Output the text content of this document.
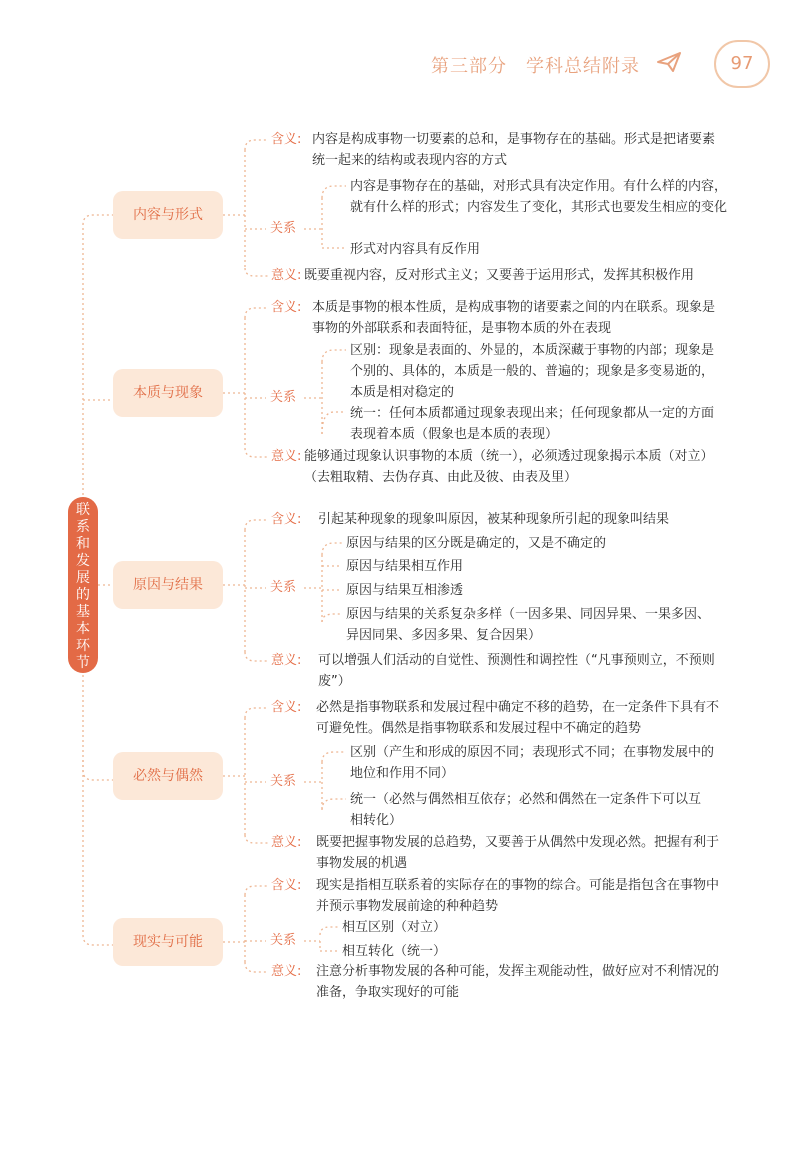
第三部分　学科总结附录	97
联系和发展的基本环节
内容与形式
含义: 内容是构成事物一切要素的总和，是事物存在的基础。形式是把诸要素统一起来的结构或表现内容的方式
关系
内容是事物存在的基础，对形式具有决定作用。有什么样的内容，就有什么样的形式；内容发生了变化，其形式也要发生相应的变化
形式对内容具有反作用
意义: 既要重视内容，反对形式主义；又要善于运用形式，发挥其积极作用
本质与现象
含义: 本质是事物的根本性质，是构成事物的诸要素之间的内在联系。现象是事物的外部联系和表面特征，是事物本质的外在表现
关系
区别：现象是表面的、外显的，本质深藏于事物的内部；现象是个别的、具体的，本质是一般的、普遍的；现象是多变易逝的，本质是相对稳定的
统一：任何本质都通过现象表现出来；任何现象都从一定的方面表现着本质（假象也是本质的表现）
意义: 能够通过现象认识事物的本质（统一），必须透过现象揭示本质（对立）（去粗取精、去伪存真、由此及彼、由表及里）
原因与结果
含义: 引起某种现象的现象叫原因，被某种现象所引起的现象叫结果
关系
原因与结果的区分既是确定的，又是不确定的
原因与结果相互作用
原因与结果互相渗透
原因与结果的关系复杂多样（一因多果、同因异果、一果多因、异因同果、多因多果、复合因果）
意义: 可以增强人们活动的自觉性、预测性和调控性（“凡事预则立，不预则废”）
必然与偶然
含义: 必然是指事物联系和发展过程中确定不移的趋势，在一定条件下具有不可避免性。偶然是指事物联系和发展过程中不确定的趋势
关系
区别（产生和形成的原因不同；表现形式不同；在事物发展中的地位和作用不同）
统一（必然与偶然相互依存；必然和偶然在一定条件下可以互相转化）
意义: 既要把握事物发展的总趋势，又要善于从偶然中发现必然。把握有利于事物发展的机遇
现实与可能
含义: 现实是指相互联系着的实际存在的事物的综合。可能是指包含在事物中并预示事物发展前途的种种趋势
关系
相互区别（对立）
相互转化（统一）
意义: 注意分析事物发展的各种可能，发挥主观能动性，做好应对不利情况的准备，争取实现好的可能
